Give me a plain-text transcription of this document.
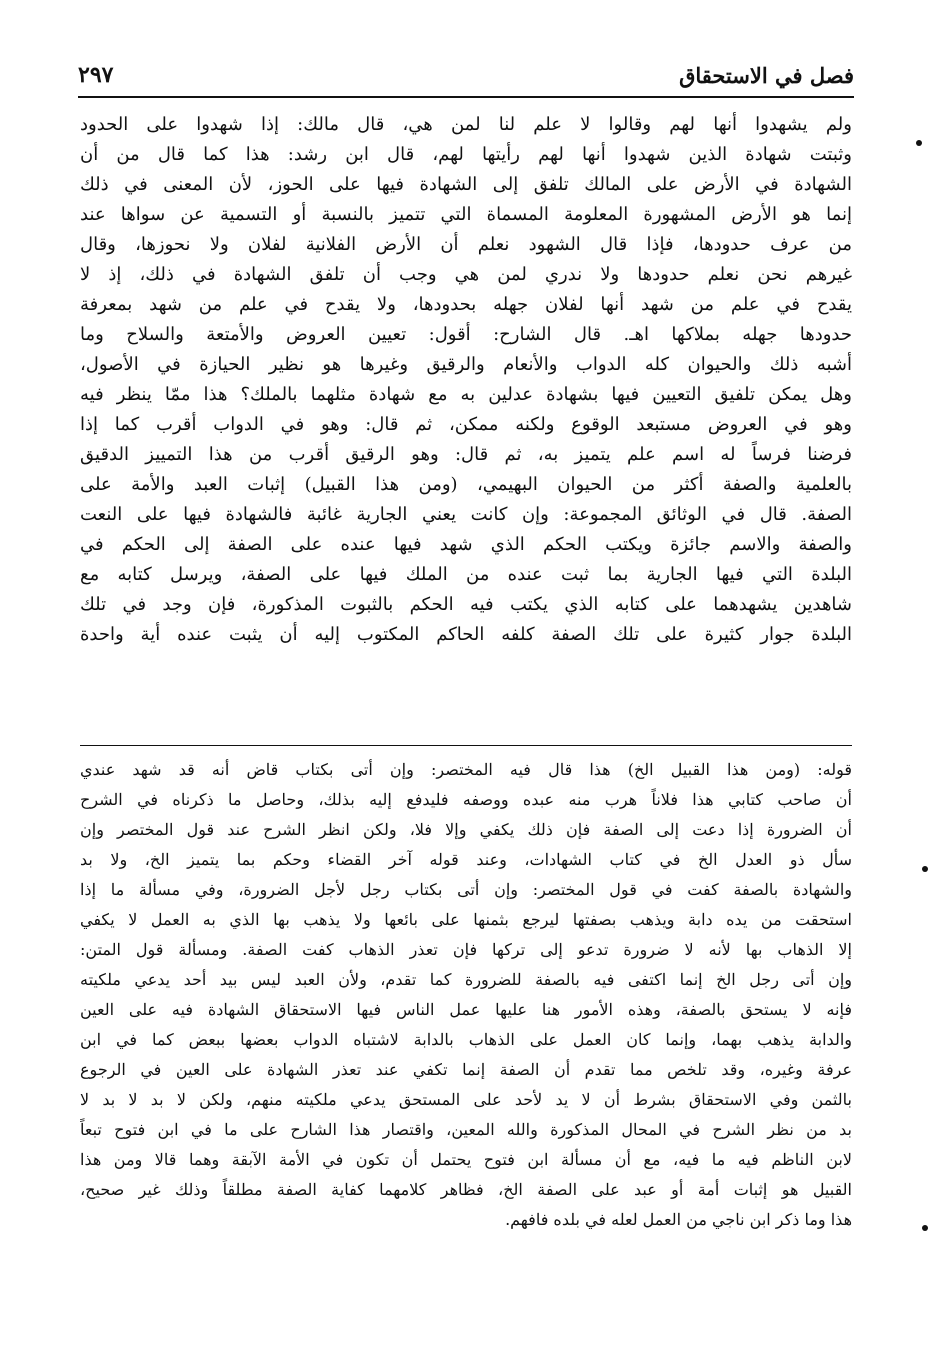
فصل في الاستحقاق
٢٩٧
ولم يشهدوا أنها لهم وقالوا لا علم لنا لمن هي، قال مالك: إذا شهدوا على الحدود
وثبتت شهادة الذين شهدوا أنها لهم رأيتها لهم، قال ابن رشد: هذا كما قال من أن
الشهادة في الأرض على المالك تلفق إلى الشهادة فيها على الحوز، لأن المعنى في ذلك
إنما هو الأرض المشهورة المعلومة المسماة التي تتميز بالنسبة أو التسمية عن سواها عند
من عرف حدودها، فإذا قال الشهود نعلم أن الأرض الفلانية لفلان ولا نحوزها، وقال
غيرهم نحن نعلم حدودها ولا ندري لمن هي وجب أن تلفق الشهادة في ذلك، إذ لا
يقدح في علم من شهد أنها لفلان جهله بحدودها، ولا يقدح في علم من شهد بمعرفة
حدودها جهله بملاكها اهـ. قال الشارح: أقول: تعيين العروض والأمتعة والسلاح وما
أشبه ذلك والحيوان كله الدواب والأنعام والرقيق وغيرها هو نظير الحيازة في الأصول،
وهل يمكن تلفيق التعيين فيها بشهادة عدلين به مع شهادة مثلهما بالملك؟ هذا ممّا ينظر فيه
وهو في العروض مستبعد الوقوع ولكنه ممكن، ثم قال: وهو في الدواب أقرب كما إذا
فرضنا فرساً له اسم علم يتميز به، ثم قال: وهو الرقيق أقرب من هذا التمييز الدقيق
بالعلمية والصفة أكثر من الحيوان البهيمي، (ومن هذا القبيل) إثبات العبد والأمة على
الصفة. قال في الوثائق المجموعة: وإن كانت يعني الجارية غائبة فالشهادة فيها على النعت
والصفة والاسم جائزة ويكتب الحكم الذي شهد فيها عنده على الصفة إلى الحكم في
البلدة التي فيها الجارية بما ثبت عنده من الملك فيها على الصفة، ويرسل كتابه مع
شاهدين يشهدهما على كتابه الذي يكتب فيه الحكم بالثبوت المذكورة، فإن وجد في تلك
البلدة جوار كثيرة على تلك الصفة كلفه الحاكم المكتوب إليه أن يثبت عنده أية واحدة
قوله: (ومن هذا القبيل الخ) هذا قال فيه المختصر: وإن أتى بكتاب قاض أنه قد شهد عندي
أن صاحب كتابي هذا فلاناً هرب منه عبده ووصفه فليدفع إليه بذلك، وحاصل ما ذكرناه في الشرح
أن الضرورة إذا دعت إلى الصفة فإن ذلك يكفي وإلا فلا، ولكن انظر الشرح عند قول المختصر وإن
سأل ذو العدل الخ في كتاب الشهادات، وعند قوله آخر القضاء وحكم بما يتميز الخ، ولا بد
والشهادة بالصفة كفت في قول المختصر: وإن أتى بكتاب رجل لأجل الضرورة، وفي مسألة ما إذا
استحقت من يده دابة ويذهب بصفتها ليرجع بثمنها على بائعها ولا يذهب بها الذي به العمل لا يكفي
إلا الذهاب بها لأنه لا ضرورة تدعو إلى تركها فإن تعذر الذهاب كفت الصفة. ومسألة قول المتن:
وإن أتى رجل الخ إنما اكتفى فيه بالصفة للضرورة كما تقدم، ولأن العبد ليس بيد أحد يدعي ملكيته
فإنه لا يستحق بالصفة، وهذه الأمور هنا عليها عمل الناس فيها الاستحقاق الشهادة فيه على العين
والدابة يذهب بهما، وإنما كان العمل على الذهاب بالدابة لاشتباه الدواب بعضها ببعض كما في ابن
عرفة وغيره، وقد تلخص مما تقدم أن الصفة إنما تكفي عند تعذر الشهادة على العين في الرجوع
بالثمن وفي الاستحقاق بشرط أن لا يد لأحد على المستحق يدعي ملكيته منهم، ولكن لا بد لا بد لا
بد من نظر الشرح في المحال المذكورة والله المعين، واقتصار هذا الشارح على ما في ابن فتوح تبعاً
لابن الناظم فيه ما فيه، مع أن مسألة ابن فتوح يحتمل أن تكون في الأمة الآبقة وهما قالا ومن هذا
القبيل هو إثبات أمة أو عبد على الصفة الخ، فظاهر كلامهما كفاية الصفة مطلقاً وذلك غير صحيح،
هذا وما ذكر ابن ناجي من العمل لعله في بلده فافهم.
